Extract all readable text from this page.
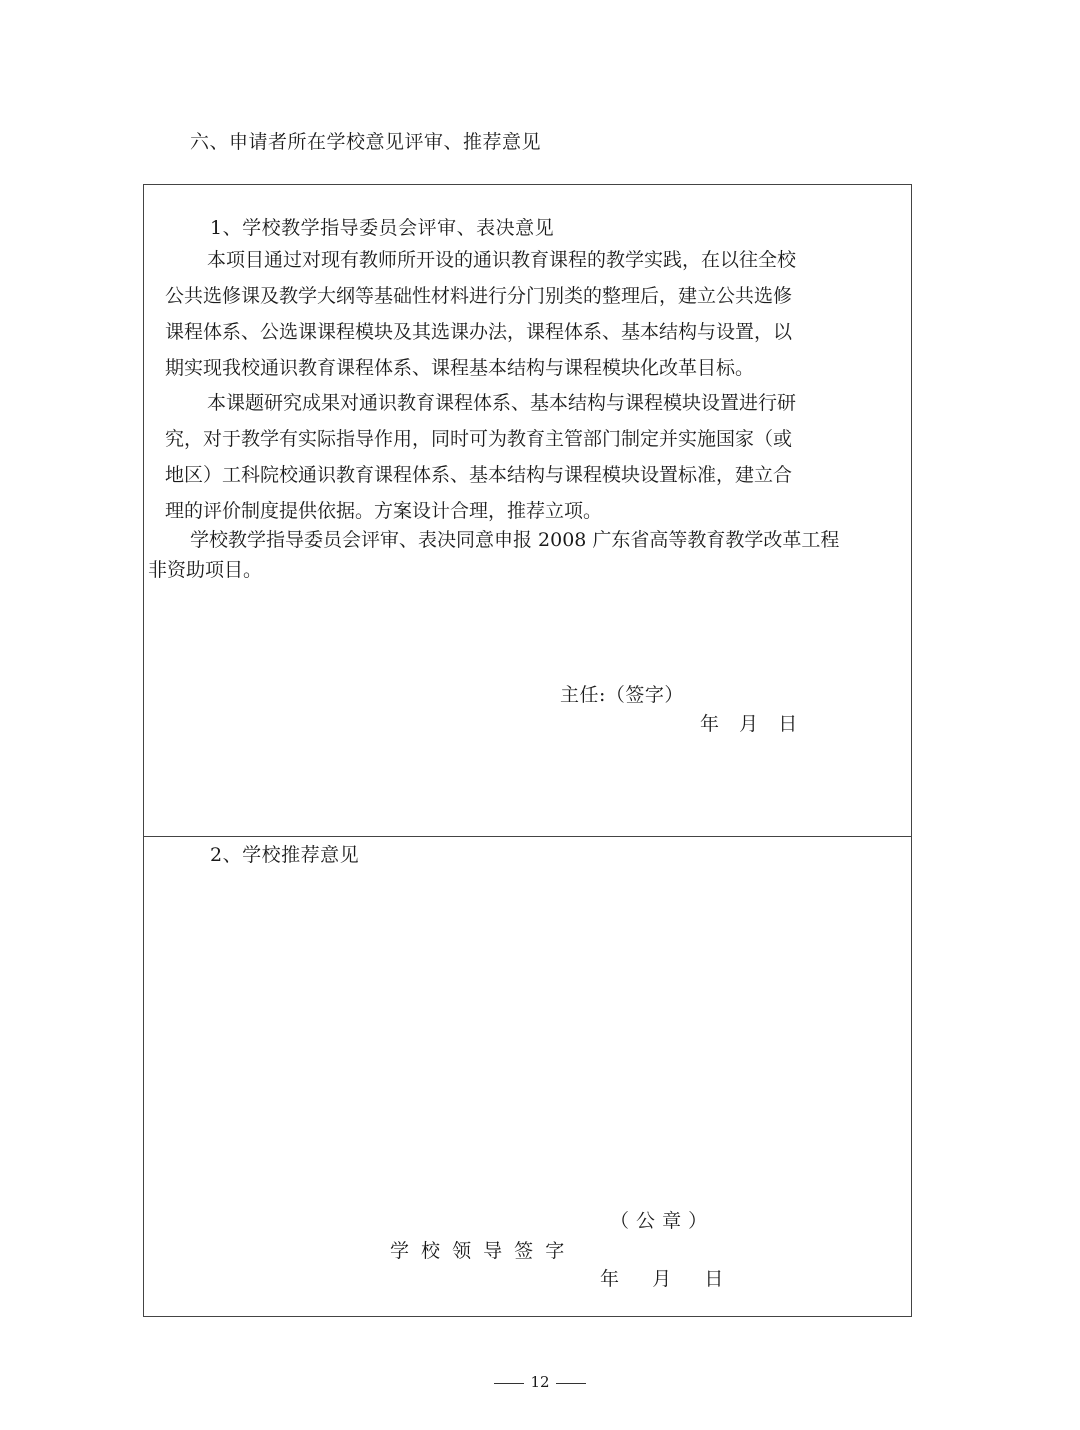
六、申请者所在学校意见评审、推荐意见
1、学校教学指导委员会评审、表决意见
本项目通过对现有教师所开设的通识教育课程的教学实践，在以往全校
公共选修课及教学大纲等基础性材料进行分门别类的整理后，建立公共选修
课程体系、公选课课程模块及其选课办法，课程体系、基本结构与设置，以
期实现我校通识教育课程体系、课程基本结构与课程模块化改革目标。
本课题研究成果对通识教育课程体系、基本结构与课程模块设置进行研
究，对于教学有实际指导作用，同时可为教育主管部门制定并实施国家（或
地区）工科院校通识教育课程体系、基本结构与课程模块设置标准，建立合
理的评价制度提供依据。方案设计合理，推荐立项。
学校教学指导委员会评审、表决同意申报 2008 广东省高等教育教学改革工程
非资助项目。
主任:（签字）
年   月   日
2、学校推荐意见
（ 公 章 ）
学 校 领 导 签 字
年     月     日
12
